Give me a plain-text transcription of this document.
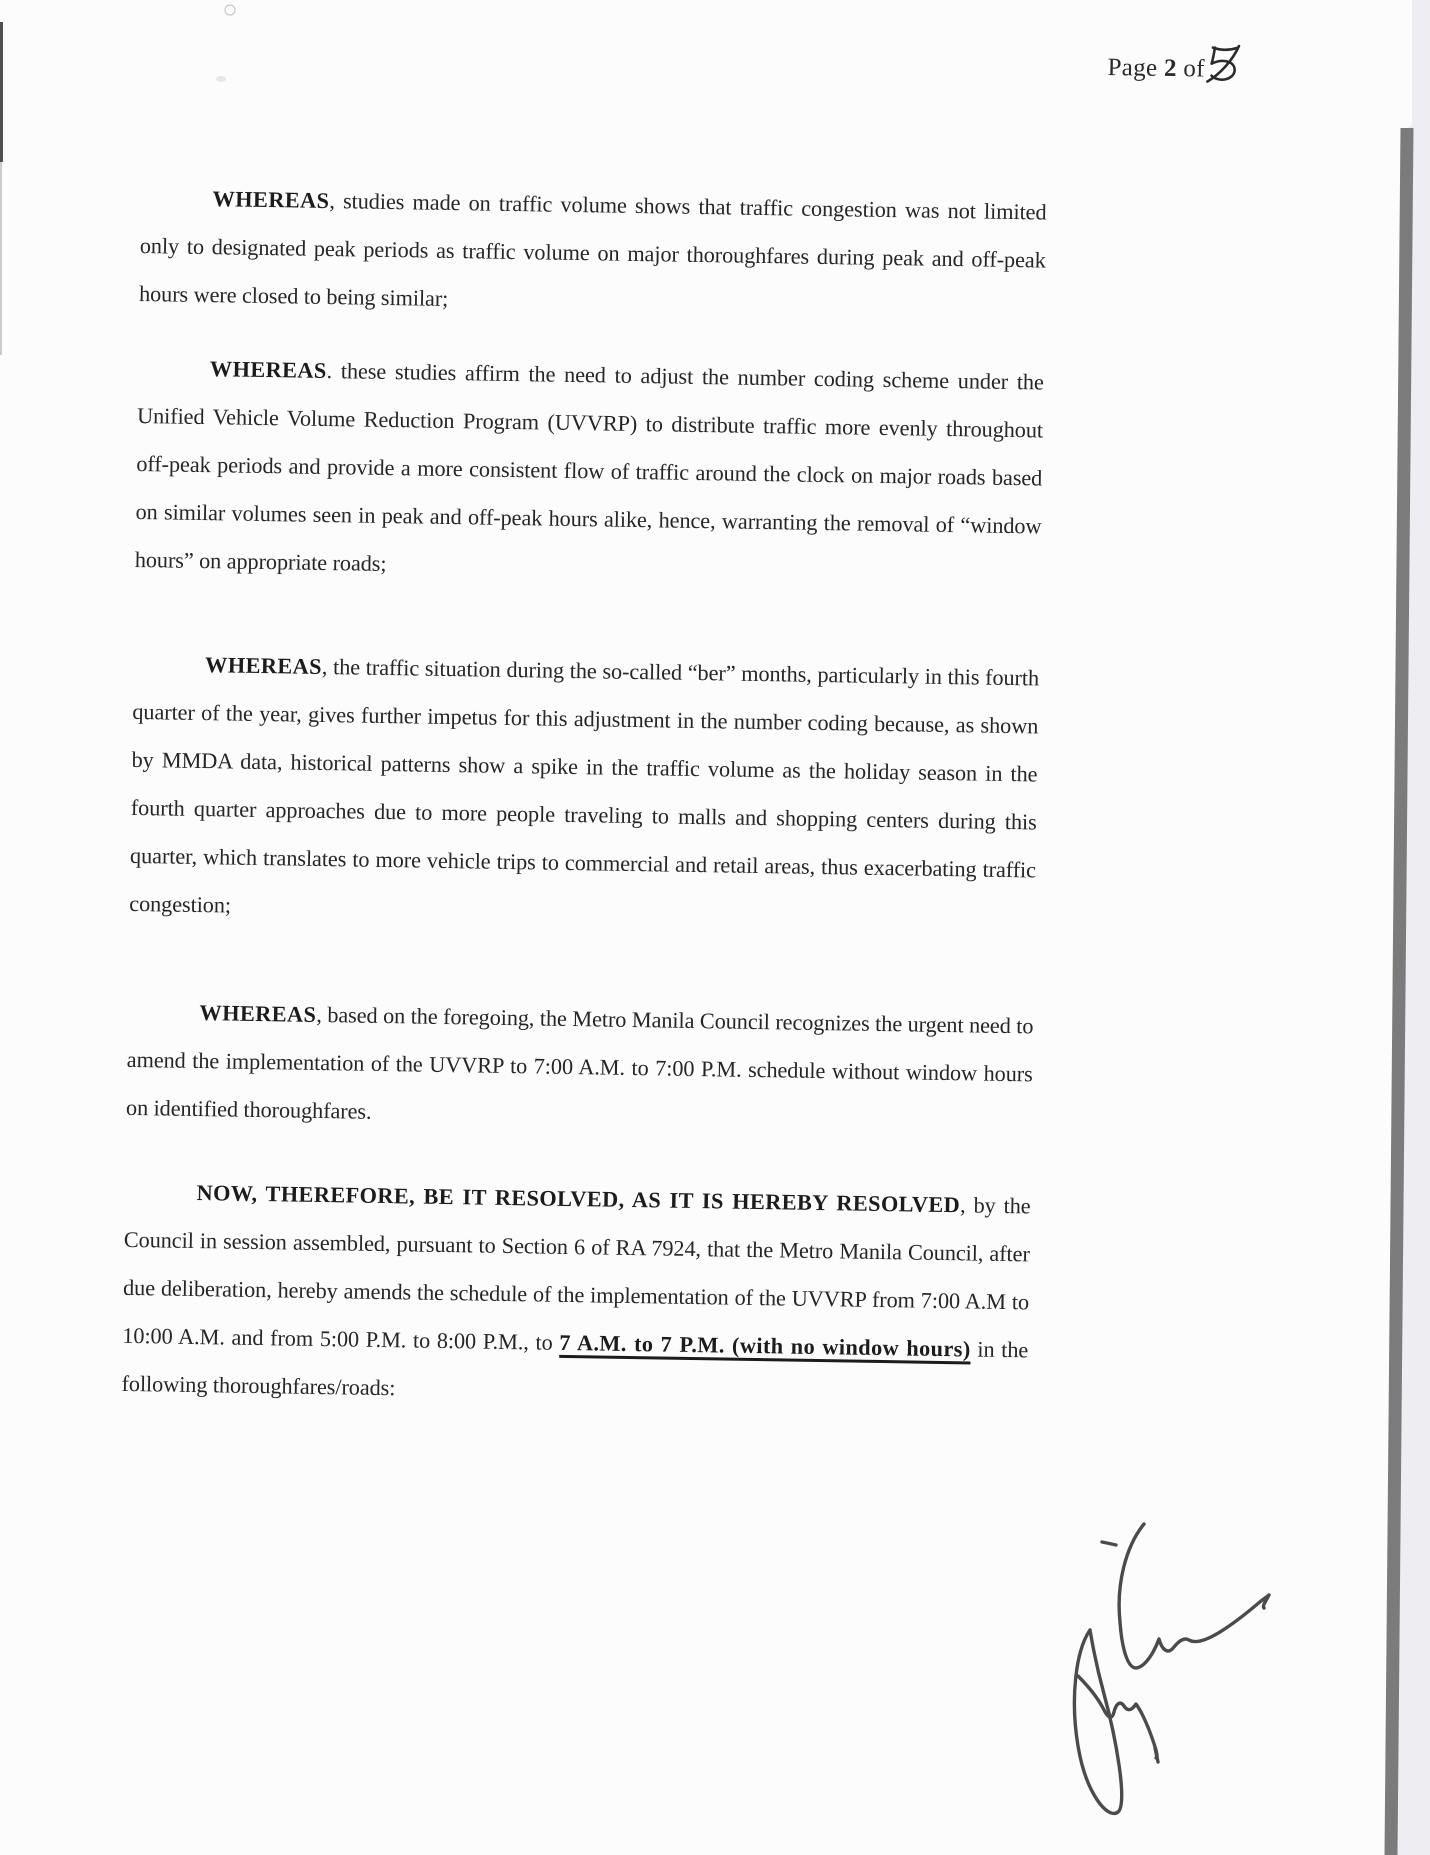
Page 2 of

WHEREAS, studies made on traffic volume shows that traffic congestion was not limited only to designated peak periods as traffic volume on major thoroughfares during peak and off-peak hours were closed to being similar;

WHEREAS. these studies affirm the need to adjust the number coding scheme under the Unified Vehicle Volume Reduction Program (UVVRP) to distribute traffic more evenly throughout off-peak periods and provide a more consistent flow of traffic around the clock on major roads based on similar volumes seen in peak and off-peak hours alike, hence, warranting the removal of “window hours” on appropriate roads;

WHEREAS, the traffic situation during the so-called “ber” months, particularly in this fourth quarter of the year, gives further impetus for this adjustment in the number coding because, as shown by MMDA data, historical patterns show a spike in the traffic volume as the holiday season in the fourth quarter approaches due to more people traveling to malls and shopping centers during this quarter, which translates to more vehicle trips to commercial and retail areas, thus exacerbating traffic congestion;

WHEREAS, based on the foregoing, the Metro Manila Council recognizes the urgent need to amend the implementation of the UVVRP to 7:00 A.M. to 7:00 P.M. schedule without window hours on identified thoroughfares.

NOW, THEREFORE, BE IT RESOLVED, AS IT IS HEREBY RESOLVED, by the Council in session assembled, pursuant to Section 6 of RA 7924, that the Metro Manila Council, after due deliberation, hereby amends the schedule of the implementation of the UVVRP from 7:00 A.M to 10:00 A.M. and from 5:00 P.M. to 8:00 P.M., to 7 A.M. to 7 P.M. (with no window hours) in the following thoroughfares/roads:
